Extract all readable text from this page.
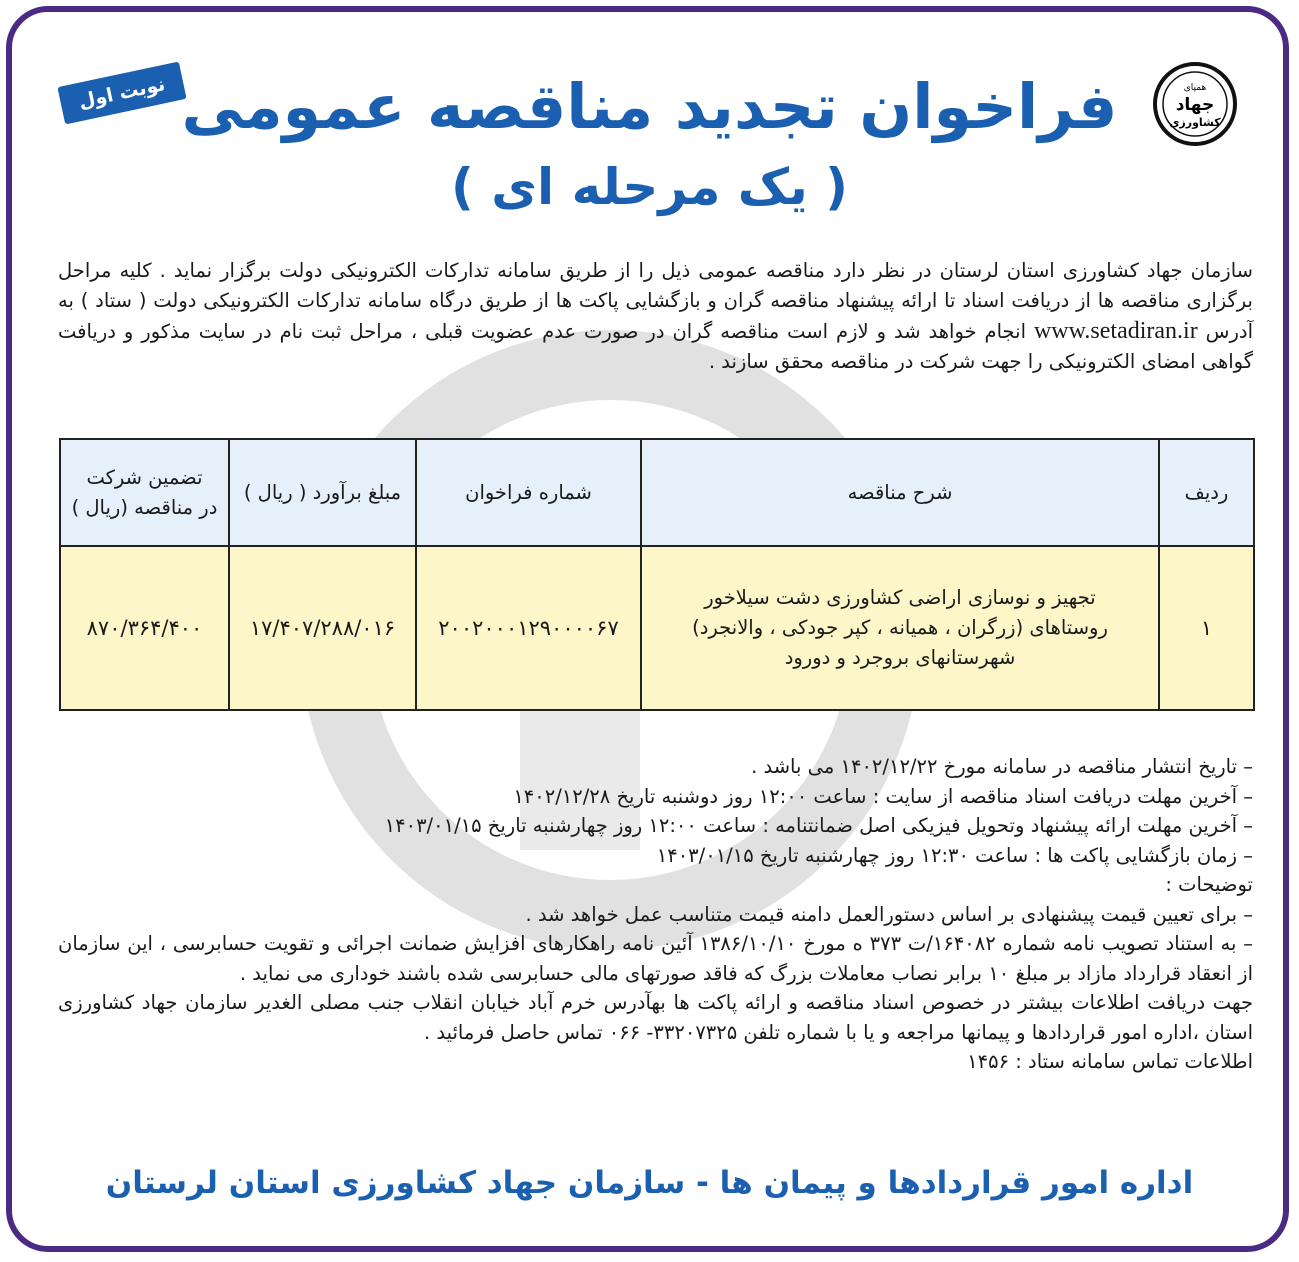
همپای
جهاد
کشاورزی
نوبت اول فراخوان تجدید مناقصه عمومی
( یک مرحله ای )
سازمان جهاد کشاورزی استان لرستان در نظر دارد مناقصه عمومی ذیل را از طریق سامانه تدارکات الکترونیکی دولت برگزار نماید . کلیه مراحل برگزاری مناقصه ها از دریافت اسناد تا ارائه پیشنهاد مناقصه گران و بازگشایی پاکت ها از طریق درگاه سامانه تدارکات الکترونیکی دولت ( ستاد ) به آدرس www.setadiran.ir انجام خواهد شد و لازم است مناقصه گران در صورت عدم عضویت قبلی ، مراحل ثبت نام در سایت مذکور و دریافت گواهی امضای الکترونیکی را جهت شرکت در مناقصه محقق سازند .
ردیف	شرح مناقصه	شماره فراخوان	مبلغ برآورد ( ریال )	تضمین شرکت
در مناقصه (ریال )
۱	تجهیز و نوسازی اراضی کشاورزی دشت سیلاخور روستاهای (زرگران ، همیانه ، کپر جودکی ، والانجرد) شهرستانهای بروجرد و دورود	۲۰۰۲۰۰۰۱۲۹۰۰۰۰۶۷	۱۷/۴۰۷/۲۸۸/۰۱۶	۸۷۰/۳۶۴/۴۰۰

– تاریخ انتشار مناقصه در سامانه مورخ ۱۴۰۲/۱۲/۲۲ می باشد .

– آخرین مهلت دریافت اسناد مناقصه از سایت : ساعت ۱۲:۰۰ روز دوشنبه تاریخ ۱۴۰۲/۱۲/۲۸

– آخرین مهلت ارائه پیشنهاد وتحویل فیزیکی اصل ضمانتنامه : ساعت ۱۲:۰۰ روز چهارشنبه تاریخ ۱۴۰۳/۰۱/۱۵

– زمان بازگشایی پاکت ها : ساعت ۱۲:۳۰ روز چهارشنبه تاریخ ۱۴۰۳/۰۱/۱۵

توضیحات :

– برای تعیین قیمت پیشنهادی بر اساس دستورالعمل دامنه قیمت متناسب عمل خواهد شد .

– به استناد تصویب نامه شماره ۱۶۴۰۸۲/ت ۳۷۳ ه مورخ ۱۳۸۶/۱۰/۱۰ آئین نامه راهکارهای افزایش ضمانت اجرائی و تقویت حسابرسی ، این سازمان از انعقاد قرارداد مازاد بر مبلغ ۱۰ برابر نصاب معاملات بزرگ که فاقد صورتهای مالی حسابرسی شده باشند خوداری می نماید .

جهت دریافت اطلاعات بیشتر در خصوص اسناد مناقصه و ارائه پاکت ها بهآدرس خرم آباد خیابان انقلاب جنب مصلی الغدیر سازمان جهاد کشاورزی استان ،اداره امور قراردادها و پیمانها مراجعه و یا با شماره تلفن ۳۳۲۰۷۳۲۵- ۰۶۶ تماس حاصل فرمائید .

اطلاعات تماس سامانه ستاد : ۱۴۵۶

اداره امور قراردادها و پیمان ها - سازمان جهاد کشاورزی استان لرستان
